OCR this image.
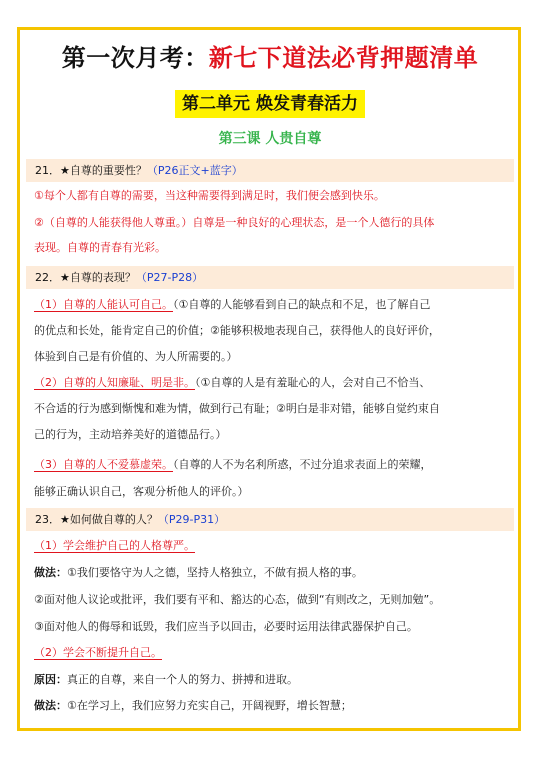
第一次月考：新七下道法必背押题清单
第二单元 焕发青春活力
第三课 人贵自尊
21．★自尊的重要性？（P26正文+蓝字）
①每个人都有自尊的需要，当这种需要得到满足时，我们便会感到快乐。
②（自尊的人能获得他人尊重。）自尊是一种良好的心理状态，是一个人德行的具体
表现。自尊的青春有光彩。
22．★自尊的表现？（P27-P28）
（1）自尊的人能认可自己。（①自尊的人能够看到自己的缺点和不足，也了解自己
的优点和长处，能肯定自己的价值；②能够积极地表现自己，获得他人的良好评价，
体验到自己是有价值的、为人所需要的。）
（2）自尊的人知廉耻、明是非。（①自尊的人是有羞耻心的人，会对自己不恰当、
不合适的行为感到惭愧和难为情，做到行己有耻；②明白是非对错，能够自觉约束自
己的行为，主动培养美好的道德品行。）
（3）自尊的人不爱慕虚荣。（自尊的人不为名利所惑，不过分追求表面上的荣耀，
能够正确认识自己，客观分析他人的评价。）
23．★如何做自尊的人？（P29-P31）
（1）学会维护自己的人格尊严。
做法：①我们要恪守为人之德，坚持人格独立，不做有损人格的事。
②面对他人议论或批评，我们要有平和、豁达的心态，做到“有则改之，无则加勉”。
③面对他人的侮辱和诋毁，我们应当予以回击，必要时运用法律武器保护自己。
（2）学会不断提升自己。
原因：真正的自尊，来自一个人的努力、拼搏和进取。
做法：①在学习上，我们应努力充实自己，开阔视野，增长智慧；
